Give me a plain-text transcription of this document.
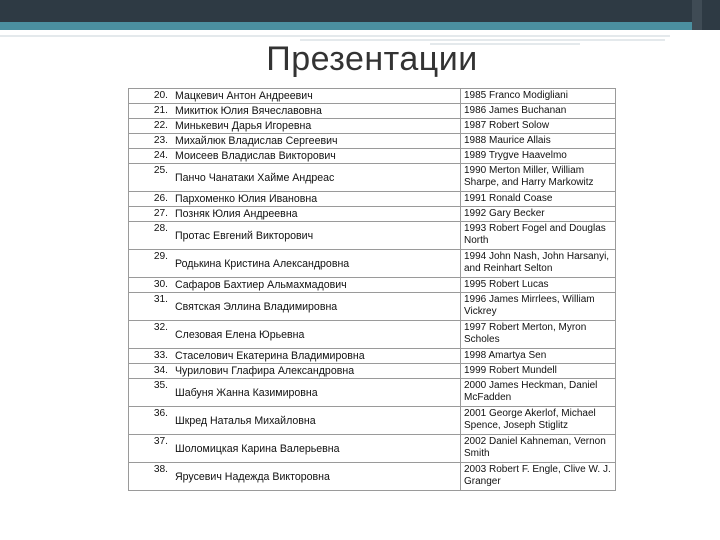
Презентации
20.	Мацкевич Антон Андреевич	1985 Franco Modigliani
21.	Микитюк Юлия Вячеславовна	1986 James Buchanan
22.	Минькевич Дарья Игоревна	1987 Robert Solow
23.	Михайлюк Владислав Сергеевич	1988 Maurice Allais
24.	Моисеев Владислав Викторович	1989 Trygve Haavelmo
25.	Панчо Чанатаки Хайме Андреас	1990 Merton Miller, William Sharpe, and Harry Markowitz
26.	Пархоменко Юлия Ивановна	1991 Ronald Coase
27.	Позняк Юлия Андреевна	1992 Gary Becker
28.	Протас Евгений Викторович	1993 Robert Fogel and Douglas North
29.	Родькина Кристина Александровна	1994 John Nash, John Harsanyi, and Reinhart Selton
30.	Сафаров Бахтиер Альмахмадович	1995 Robert Lucas
31.	Святская Эллина Владимировна	1996 James Mirrlees, William Vickrey
32.	Слезовая Елена Юрьевна	1997 Robert Merton, Myron Scholes
33.	Стаселович Екатерина Владимировна	1998 Amartya Sen
34.	Чурилович Глафира Александровна	1999 Robert Mundell
35.	Шабуня Жанна Казимировна	2000 James Heckman, Daniel McFadden
36.	Шкред Наталья Михайловна	2001 George Akerlof, Michael Spence, Joseph Stiglitz
37.	Шоломицкая Карина Валерьевна	2002 Daniel Kahneman, Vernon Smith
38.	Ярусевич Надежда Викторовна	2003 Robert F. Engle, Clive W. J. Granger
